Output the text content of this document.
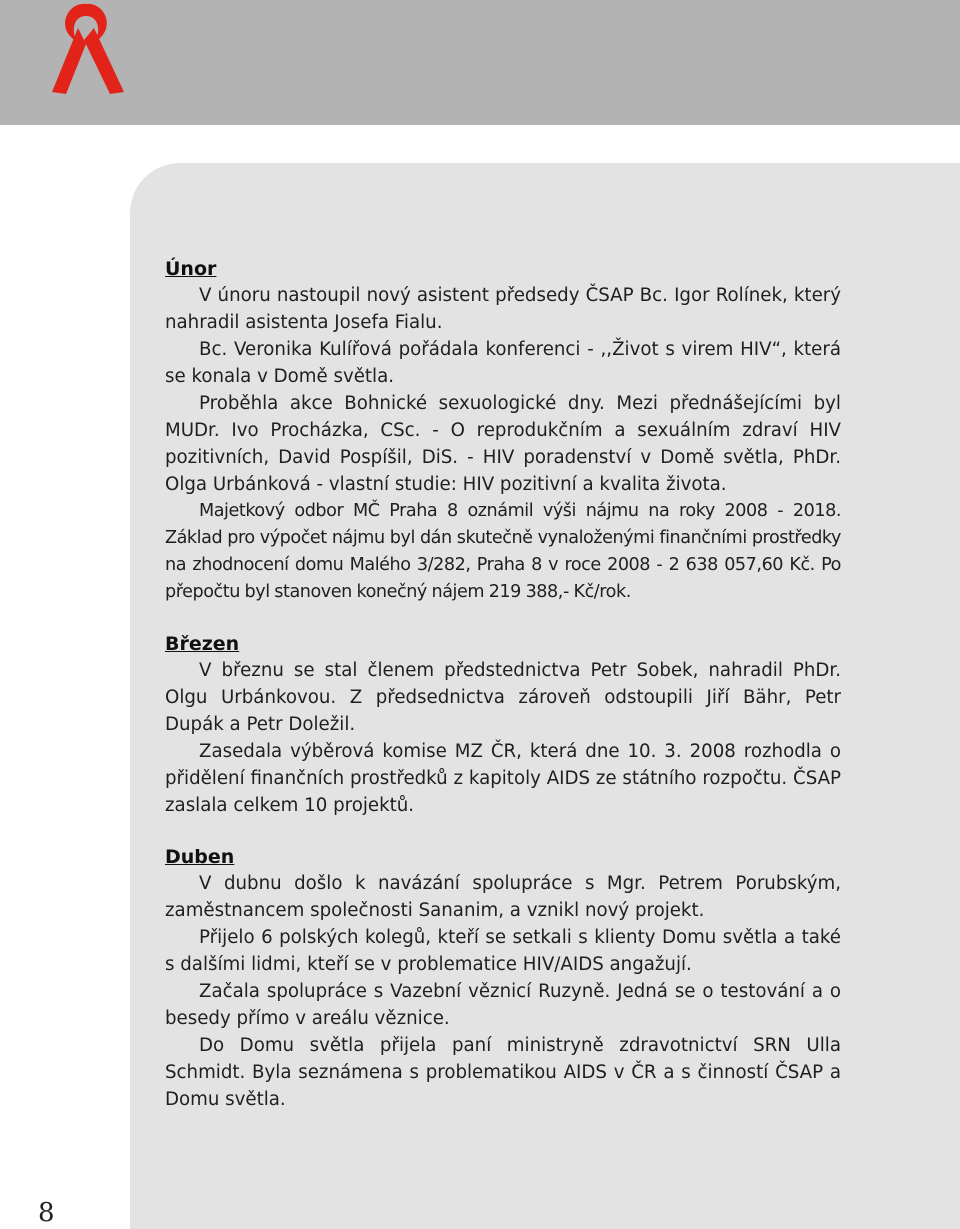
8

Únor

V únoru nastoupil nový asistent předsedy ČSAP Bc. Igor Rolínek, který nahradil asistenta Josefa Fialu.

Bc. Veronika Kulířová pořádala konferenci - ,,Život s virem HIV“, která se konala v Domě světla.

Proběhla akce Bohnické sexuologické dny. Mezi přednášejícími byl MUDr. Ivo Procházka, CSc. - O reprodukčním a sexuálním zdraví HIV pozitivních, David Pospíšil, DiS. - HIV poradenství v Domě světla, PhDr. Olga Urbánková - vlastní studie: HIV pozitivní a kvalita života.

Majetkový odbor MČ Praha 8 oznámil výši nájmu na roky 2008 - 2018. Základ pro výpočet nájmu byl dán skutečně vynaloženými finančními prostředky na zhodnocení domu Malého 3/282, Praha 8 v roce 2008 - 2 638 057,60 Kč. Po přepočtu byl stanoven konečný nájem 219 388,- Kč/rok.

Březen

V březnu se stal členem předstednictva Petr Sobek, nahradil PhDr. Olgu Urbánkovou. Z předsednictva zároveň odstoupili Jiří Bähr, Petr Dupák a Petr Doležil.

Zasedala výběrová komise MZ ČR, která dne 10. 3. 2008 rozhodla o přidělení finančních prostředků z kapitoly AIDS ze státního rozpočtu. ČSAP zaslala celkem 10 projektů.

Duben

V dubnu došlo k navázání spolupráce s Mgr. Petrem Porubským, zaměstnancem společnosti Sananim, a vznikl nový projekt.

Přijelo 6 polských kolegů, kteří se setkali s klienty Domu světla a také s dalšími lidmi, kteří se v problematice HIV/AIDS angažují.

Začala spolupráce s Vazební věznicí Ruzyně. Jedná se o testování a o besedy přímo v areálu věznice.

Do Domu světla přijela paní ministryně zdravotnictví SRN Ulla Schmidt. Byla seznámena s problematikou AIDS v ČR a s činností ČSAP a Domu světla.
